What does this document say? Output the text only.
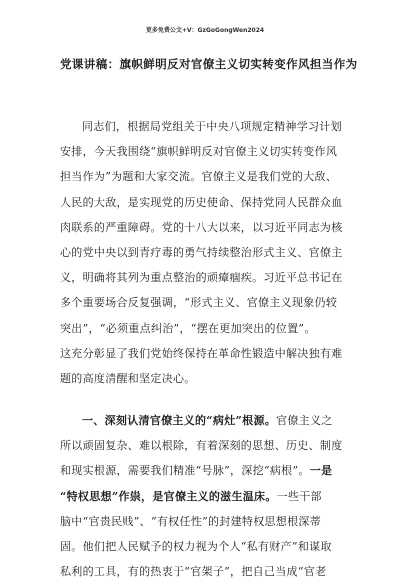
更多免费公文+V：GzGoGongWen2024
党课讲稿：旗帜鲜明反对官僚主义切实转变作风担当作为
同志们，根据局党组关于中央八项规定精神学习计划
安排，今天我围绕“旗帜鲜明反对官僚主义切实转变作风
担当作为”为题和大家交流。官僚主义是我们党的大敌、
人民的大敌，是实现党的历史使命、保持党同人民群众血
肉联系的严重障碍。党的十八大以来，以习近平同志为核
心的党中央以到青疗毒的勇气持续整治形式主义、官僚主
义，明确将其列为重点整治的顽瘴痼疾。习近平总书记在
多个重要场合反复强调，“形式主义、官僚主义现象仍较
突出”，“必须重点纠治”，“摆在更加突出的位置”。
这充分彰显了我们党始终保持在革命性锻造中解决独有难
题的高度清醒和坚定决心。
一、深刻认清官僚主义的“病灶”根源。官僚主义之
所以顽固复杂、难以根除，有着深刻的思想、历史、制度
和现实根源，需要我们精准“号脉”，深挖“病根”。一是
“特权思想”作祟，是官僚主义的滋生温床。一些干部
脑中“官贵民贱”、“有权任性”的封建特权思想根深蒂
固。他们把人民赋予的权力视为个人“私有财产”和谋取
私利的工具，有的热衷于“官架子”，把自己当成“官老
